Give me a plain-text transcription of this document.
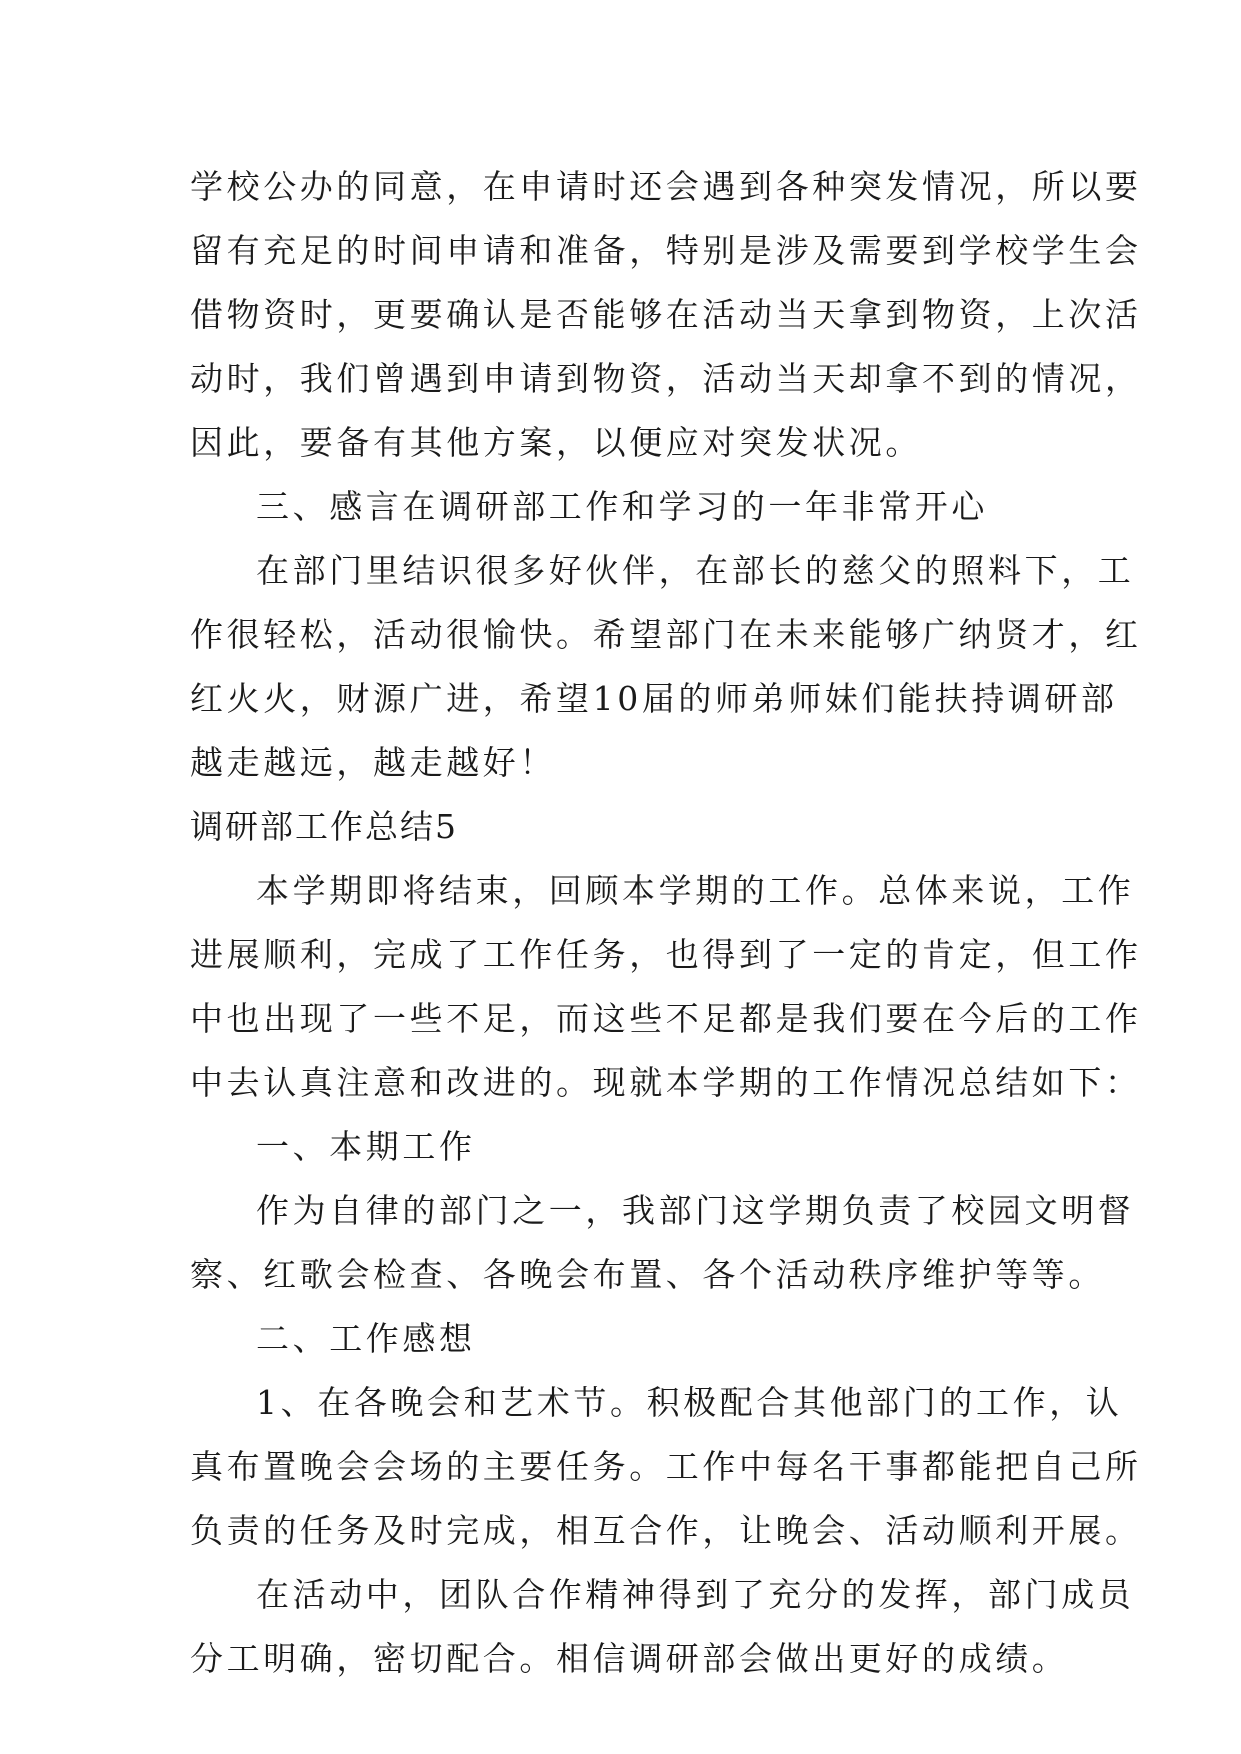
学校公办的同意，在申请时还会遇到各种突发情况，所以要
留有充足的时间申请和准备，特别是涉及需要到学校学生会
借物资时，更要确认是否能够在活动当天拿到物资，上次活
动时，我们曾遇到申请到物资，活动当天却拿不到的情况，
因此，要备有其他方案，以便应对突发状况。
三、感言在调研部工作和学习的一年非常开心
在部门里结识很多好伙伴，在部长的慈父的照料下，工
作很轻松，活动很愉快。希望部门在未来能够广纳贤才，红
红火火，财源广进，希望10届的师弟师妹们能扶持调研部
越走越远，越走越好！
调研部工作总结5
本学期即将结束，回顾本学期的工作。总体来说，工作
进展顺利，完成了工作任务，也得到了一定的肯定，但工作
中也出现了一些不足，而这些不足都是我们要在今后的工作
中去认真注意和改进的。现就本学期的工作情况总结如下：
一、本期工作
作为自律的部门之一，我部门这学期负责了校园文明督
察、红歌会检查、各晚会布置、各个活动秩序维护等等。
二、工作感想
1、在各晚会和艺术节。积极配合其他部门的工作，认
真布置晚会会场的主要任务。工作中每名干事都能把自己所
负责的任务及时完成，相互合作，让晚会、活动顺利开展。
在活动中，团队合作精神得到了充分的发挥，部门成员
分工明确，密切配合。相信调研部会做出更好的成绩。
